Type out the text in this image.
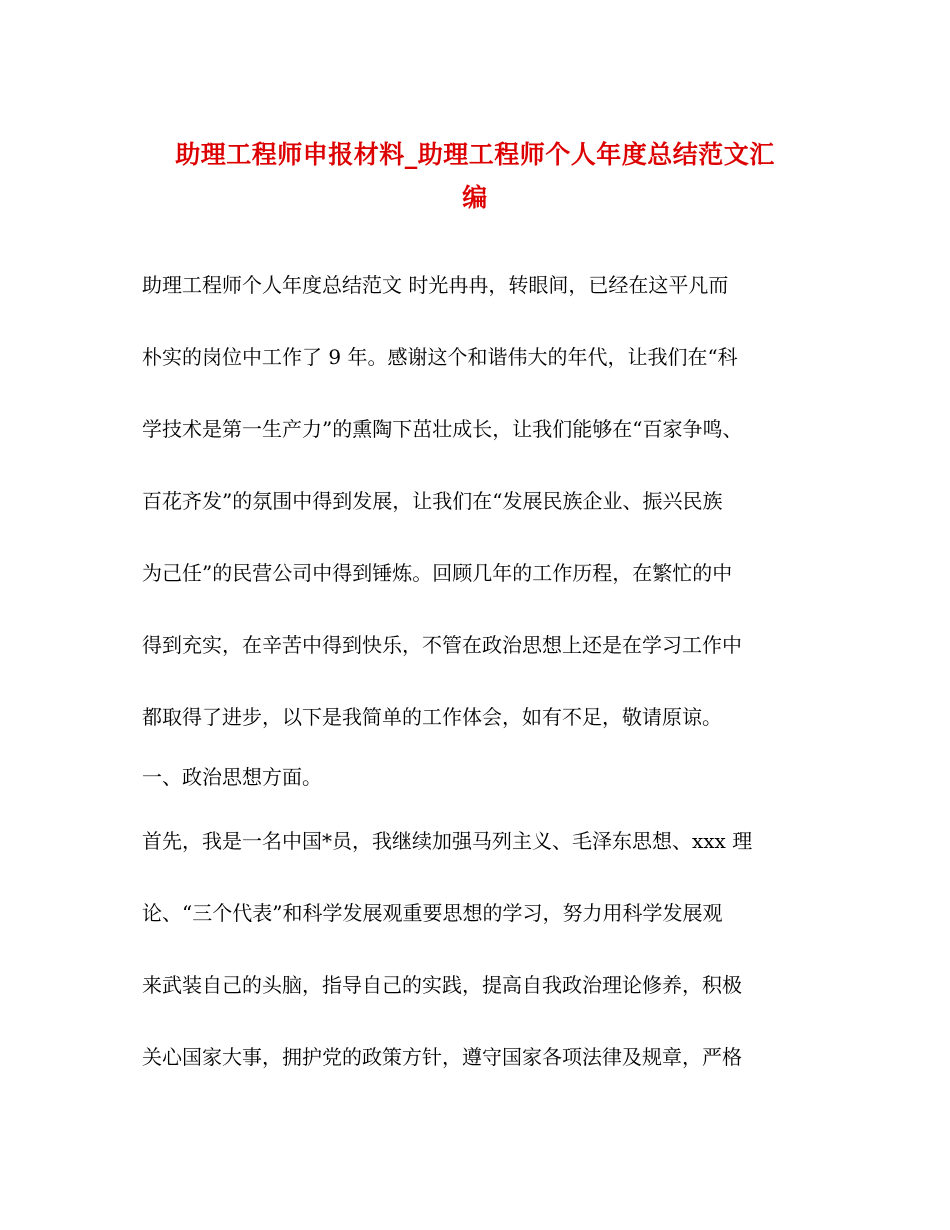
助理工程师申报材料_助理工程师个人年度总结范文汇
编
助理工程师个人年度总结范文 时光冉冉，转眼间，已经在这平凡而
朴实的岗位中工作了 9 年。感谢这个和谐伟大的年代，让我们在“科
学技术是第一生产力”的熏陶下茁壮成长，让我们能够在“百家争鸣、
百花齐发”的氛围中得到发展，让我们在“发展民族企业、振兴民族
为己任”的民营公司中得到锤炼。回顾几年的工作历程，在繁忙的中
得到充实，在辛苦中得到快乐，不管在政治思想上还是在学习工作中
都取得了进步，以下是我简单的工作体会，如有不足，敬请原谅。
一、政治思想方面。
首先，我是一名中国*员，我继续加强马列主义、毛泽东思想、xxx 理
论、“三个代表”和科学发展观重要思想的学习，努力用科学发展观
来武装自己的头脑，指导自己的实践，提高自我政治理论修养，积极
关心国家大事，拥护党的政策方针，遵守国家各项法律及规章，严格
